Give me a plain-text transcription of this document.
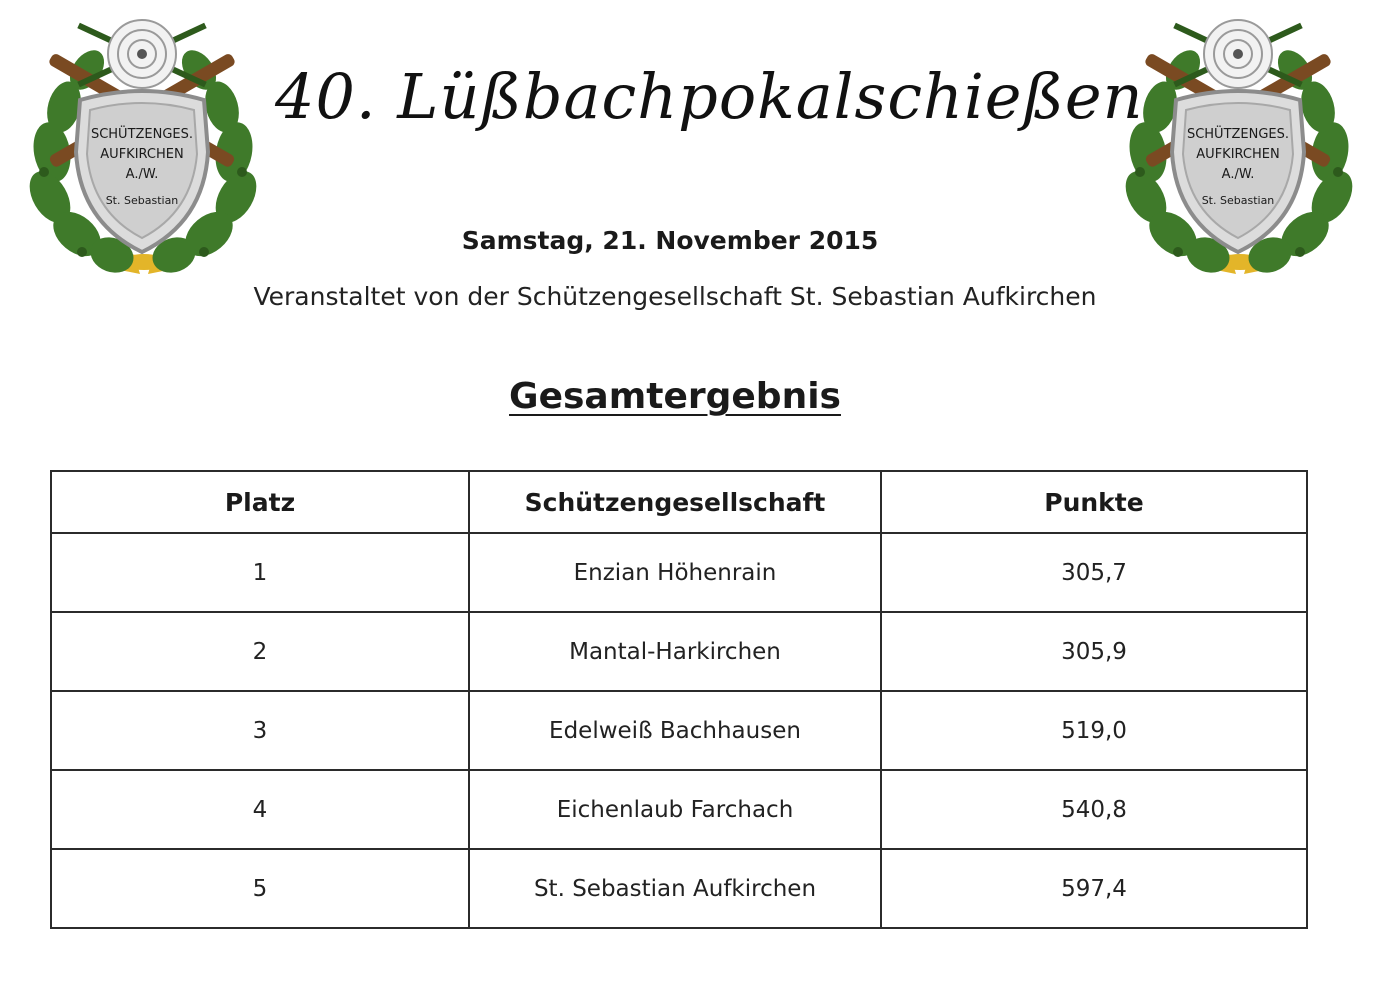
SCHÜTZENGES.
AUFKIRCHEN
A./W.
St. Sebastian
SCHÜTZENGES.
AUFKIRCHEN
A./W.
St. Sebastian
40. Lüßbachpokalschießen
Samstag, 21. November 2015
Veranstaltet von der Schützengesellschaft St. Sebastian Aufkirchen
Gesamtergebnis
Platz	Schützengesellschaft	Punkte
1	Enzian Höhenrain	305,7
2	Mantal-Harkirchen	305,9
3	Edelweiß Bachhausen	519,0
4	Eichenlaub Farchach	540,8
5	St. Sebastian Aufkirchen	597,4
